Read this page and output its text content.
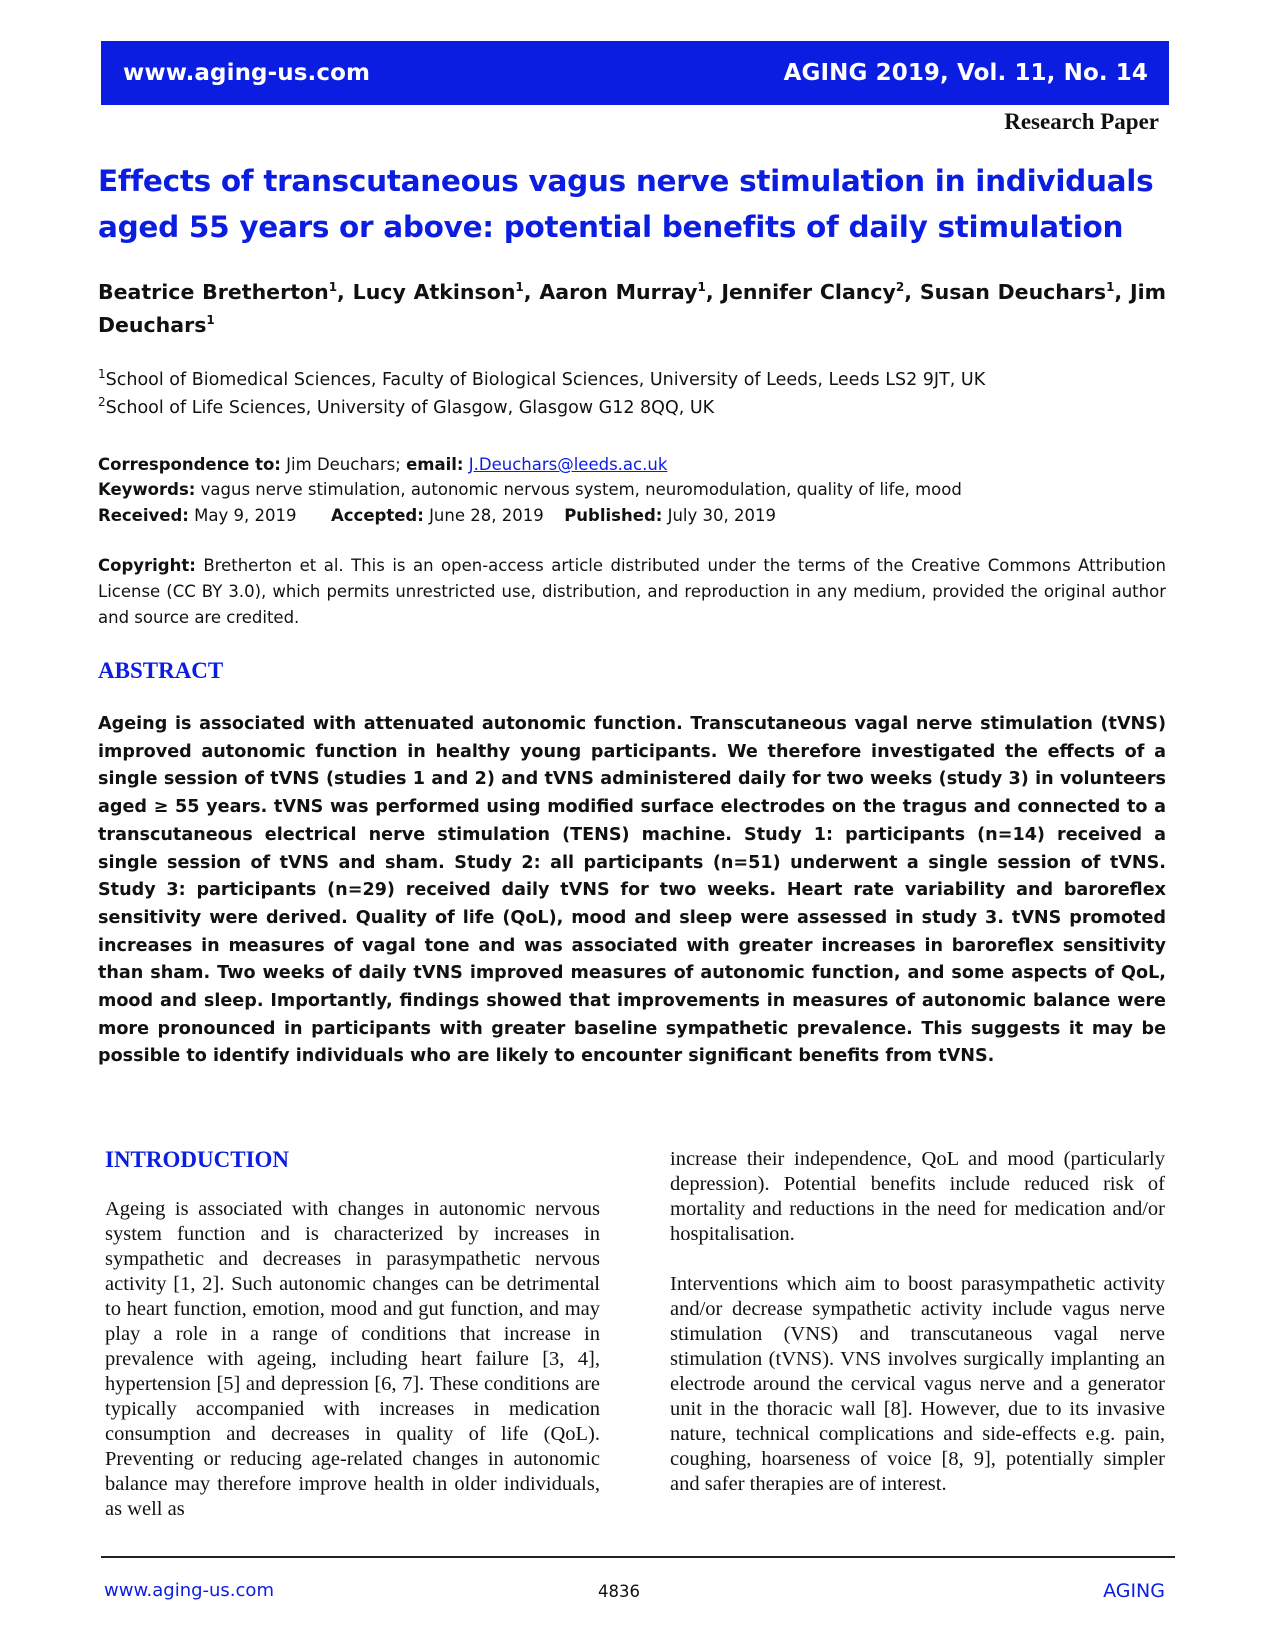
www.aging-us.com	AGING 2019, Vol. 11, No. 14
Research Paper
Effects of transcutaneous vagus nerve stimulation in individuals aged 55 years or above: potential benefits of daily stimulation

Beatrice Bretherton$^1$, Lucy Atkinson$^1$, Aaron Murray$^1$, Jennifer Clancy$^2$, Susan Deuchars$^1$, Jim Deuchars$^1$

$^1$School of Biomedical Sciences, Faculty of Biological Sciences, University of Leeds, Leeds LS2 9JT, UK

$^2$School of Life Sciences, University of Glasgow, Glasgow G12 8QQ, UK

Correspondence to: Jim Deuchars; email: J.Deuchars@leeds.ac.uk

Keywords: vagus nerve stimulation, autonomic nervous system, neuromodulation, quality of life, mood

Received: May 9, 2019 Accepted: June 28, 2019 Published: July 30, 2019

Copyright: Bretherton et al. This is an open-access article distributed under the terms of the Creative Commons Attribution License (CC BY 3.0), which permits unrestricted use, distribution, and reproduction in any medium, provided the original author and source are credited.

ABSTRACT

Ageing is associated with attenuated autonomic function. Transcutaneous vagal nerve stimulation (tVNS) improved autonomic function in healthy young participants. We therefore investigated the effects of a single session of tVNS (studies 1 and 2) and tVNS administered daily for two weeks (study 3) in volunteers aged ≥ 55 years. tVNS was performed using modified surface electrodes on the tragus and connected to a transcutaneous electrical nerve stimulation (TENS) machine. Study 1: participants (n=14) received a single session of tVNS and sham. Study 2: all participants (n=51) underwent a single session of tVNS. Study 3: participants (n=29) received daily tVNS for two weeks. Heart rate variability and baroreflex sensitivity were derived. Quality of life (QoL), mood and sleep were assessed in study 3. tVNS promoted increases in measures of vagal tone and was associated with greater increases in baroreflex sensitivity than sham. Two weeks of daily tVNS improved measures of autonomic function, and some aspects of QoL, mood and sleep. Importantly, findings showed that improvements in measures of autonomic balance were more pronounced in participants with greater baseline sympathetic prevalence. This suggests it may be possible to identify individuals who are likely to encounter significant benefits from tVNS.

INTRODUCTION

Ageing is associated with changes in autonomic nervous system function and is characterized by increases in sympathetic and decreases in parasympathetic nervous activity [1, 2]. Such autonomic changes can be detrimental to heart function, emotion, mood and gut function, and may play a role in a range of conditions that increase in prevalence with ageing, including heart failure [3, 4], hypertension [5] and depression [6, 7]. These conditions are typically accompanied with increases in medication consumption and decreases in quality of life (QoL). Preventing or reducing age-related changes in autonomic balance may therefore improve health in older individuals, as well as

increase their independence, QoL and mood (particularly depression). Potential benefits include reduced risk of mortality and reductions in the need for medication and/or hospitalisation.

Interventions which aim to boost parasympathetic activity and/or decrease sympathetic activity include vagus nerve stimulation (VNS) and transcutaneous vagal nerve stimulation (tVNS). VNS involves surgically implanting an electrode around the cervical vagus nerve and a generator unit in the thoracic wall [8]. However, due to its invasive nature, technical complications and side-effects e.g. pain, coughing, hoarseness of voice [8, 9], potentially simpler and safer therapies are of interest.

www.aging-us.com	4836	AGING
